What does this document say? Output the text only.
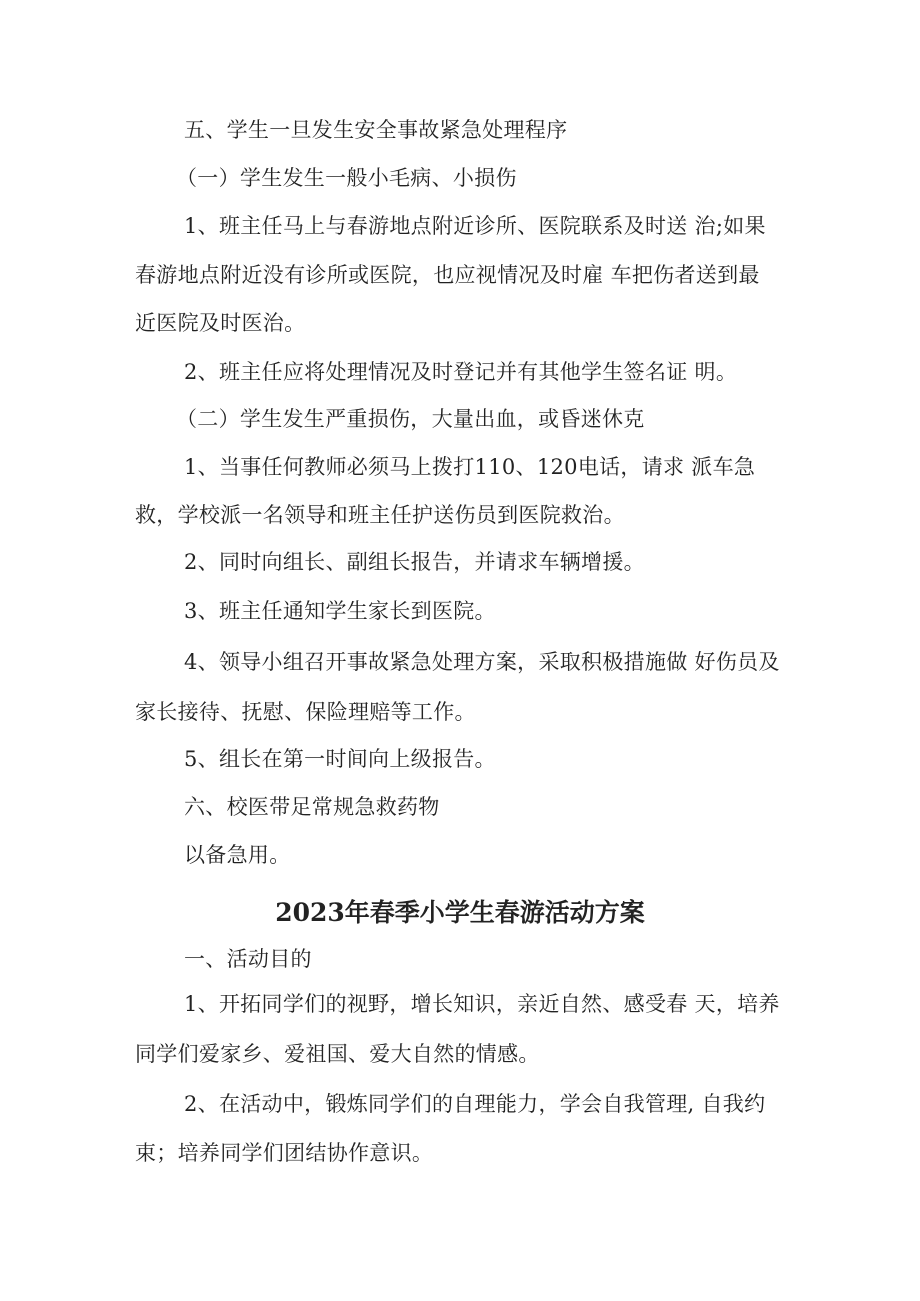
五、学生一旦发生安全事故紧急处理程序

（一）学生发生一般小毛病、小损伤

1、班主任马上与春游地点附近诊所、医院联系及时送 治;如果

春游地点附近没有诊所或医院，也应视情况及时雇 车把伤者送到最

近医院及时医治。

2、班主任应将处理情况及时登记并有其他学生签名证 明。

（二）学生发生严重损伤，大量出血，或昏迷休克

1、当事任何教师必须马上拨打110、120电话，请求 派车急

救，学校派一名领导和班主任护送伤员到医院救治。

2、同时向组长、副组长报告，并请求车辆增援。

3、班主任通知学生家长到医院。

4、领导小组召开事故紧急处理方案，采取积极措施做 好伤员及

家长接待、抚慰、保险理赔等工作。

5、组长在第一时间向上级报告。

六、校医带足常规急救药物

以备急用。

2023年春季小学生春游活动方案

一、活动目的

1、开拓同学们的视野，增长知识，亲近自然、感受春 天，培养

同学们爱家乡、爱祖国、爱大自然的情感。

2、在活动中，锻炼同学们的自理能力，学会自我管理, 自我约

束；培养同学们团结协作意识。
